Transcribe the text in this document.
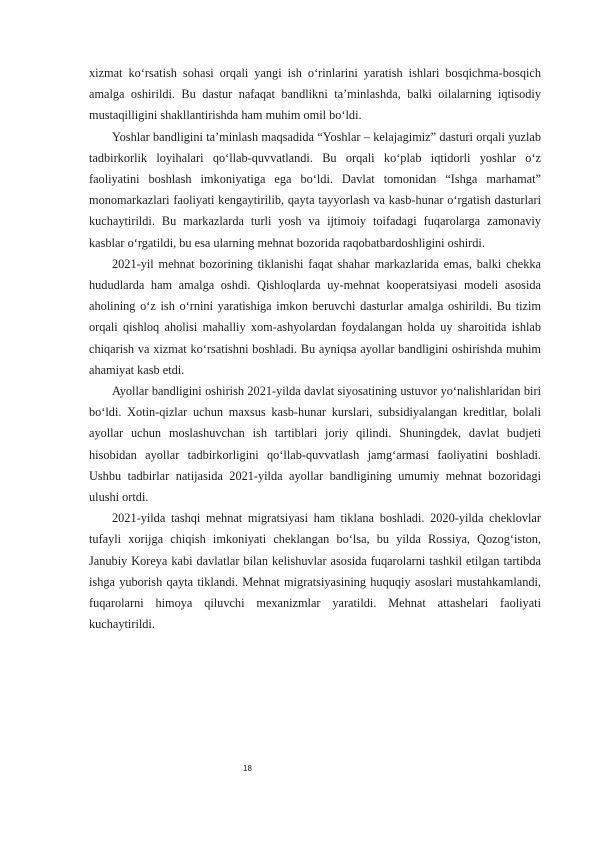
xizmat ko‘rsatish sohasi orqali yangi ish o‘rinlarini yaratish ishlari bosqichma-bosqich amalga oshirildi. Bu dastur nafaqat bandlikni ta’minlashda, balki oilalarning iqtisodiy mustaqilligini shakllantirishda ham muhim omil bo‘ldi.

Yoshlar bandligini ta’minlash maqsadida “Yoshlar – kelajagimiz” dasturi orqali yuzlab tadbirkorlik loyihalari qo‘llab-quvvatlandi. Bu orqali ko‘plab iqtidorli yoshlar o‘z faoliyatini boshlash imkoniyatiga ega bo‘ldi. Davlat tomonidan “Ishga marhamat” monomarkazlari faoliyati kengaytirilib, qayta tayyorlash va kasb-hunar o‘rgatish dasturlari kuchaytirildi. Bu markazlarda turli yosh va ijtimoiy toifadagi fuqarolarga zamonaviy kasblar o‘rgatildi, bu esa ularning mehnat bozorida raqobatbardoshligini oshirdi.

2021-yil mehnat bozorining tiklanishi faqat shahar markazlarida emas, balki chekka hududlarda ham amalga oshdi. Qishloqlarda uy-mehnat kooperatsiyasi modeli asosida aholining o‘z ish o‘rnini yaratishiga imkon beruvchi dasturlar amalga oshirildi. Bu tizim orqali qishloq aholisi mahalliy xom-ashyolardan foydalangan holda uy sharoitida ishlab chiqarish va xizmat ko‘rsatishni boshladi. Bu ayniqsa ayollar bandligini oshirishda muhim ahamiyat kasb etdi.

Ayollar bandligini oshirish 2021-yilda davlat siyosatining ustuvor yo‘nalishlaridan biri bo‘ldi. Xotin-qizlar uchun maxsus kasb-hunar kurslari, subsidiyalangan kreditlar, bolali ayollar uchun moslashuvchan ish tartiblari joriy qilindi. Shuningdek, davlat budjeti hisobidan ayollar tadbirkorligini qo‘llab-quvvatlash jamg‘armasi faoliyatini boshladi. Ushbu tadbirlar natijasida 2021-yilda ayollar bandligining umumiy mehnat bozoridagi ulushi ortdi.

2021-yilda tashqi mehnat migratsiyasi ham tiklana boshladi. 2020-yilda cheklovlar tufayli xorijga chiqish imkoniyati cheklangan bo‘lsa, bu yilda Rossiya, Qozog‘iston, Janubiy Koreya kabi davlatlar bilan kelishuvlar asosida fuqarolarni tashkil etilgan tartibda ishga yuborish qayta tiklandi. Mehnat migratsiyasining huquqiy asoslari mustahkamlandi, fuqarolarni himoya qiluvchi mexanizmlar yaratildi. Mehnat attashelari faoliyati kuchaytirildi.

18
